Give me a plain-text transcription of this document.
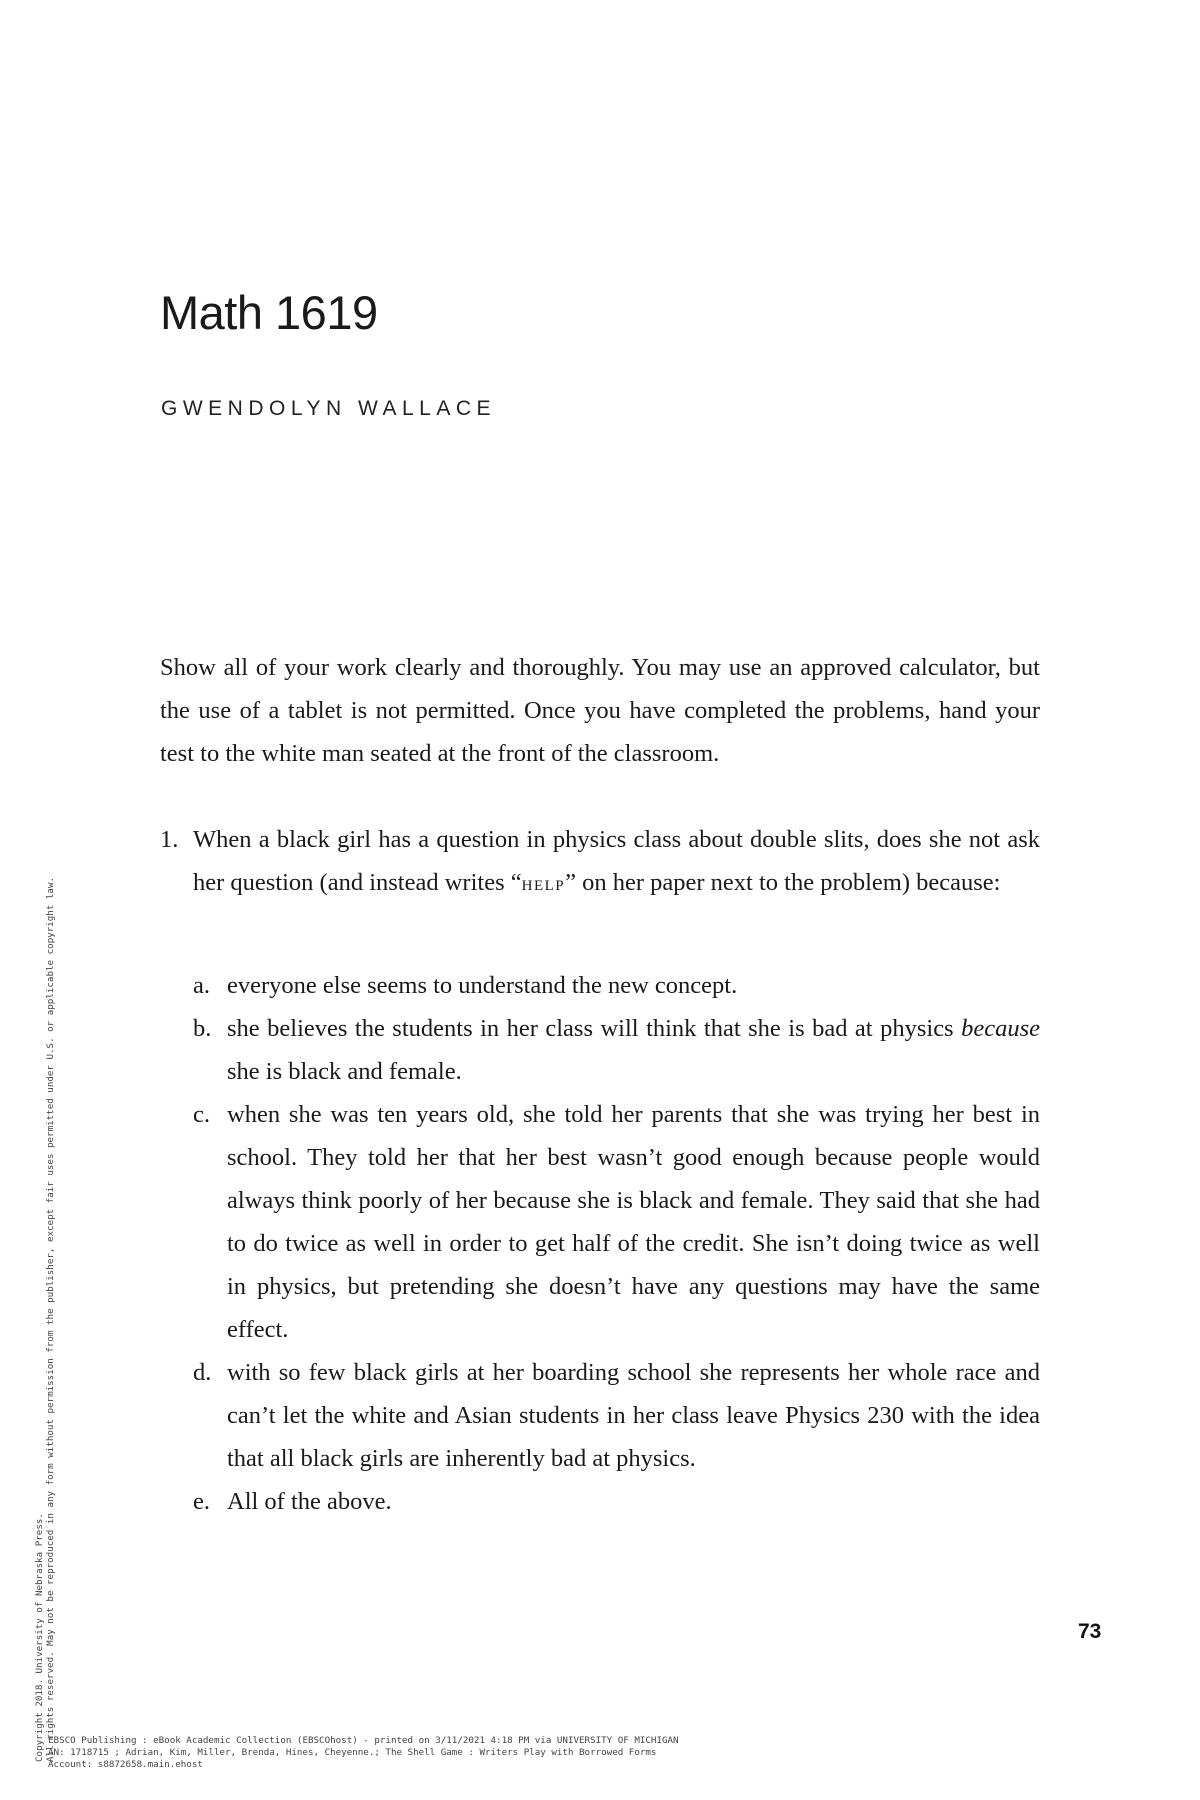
Math 1619

GWENDOLYN WALLACE

Show all of your work clearly and thoroughly. You may use an approved calculator, but the use of a tablet is not permitted. Once you have completed the problems, hand your test to the white man seated at the front of the classroom.

1. When a black girl has a question in physics class about double slits, does she not ask her question (and instead writes “help” on her paper next to the problem) because:

a. everyone else seems to understand the new concept.
b. she believes the students in her class will think that she is bad at physics because she is black and female.
c. when she was ten years old, she told her parents that she was trying her best in school. They told her that her best wasn’t good enough because people would always think poorly of her because she is black and female. They said that she had to do twice as well in order to get half of the credit. She isn’t doing twice as well in physics, but pretending she doesn’t have any questions may have the same effect.
d. with so few black girls at her boarding school she represents her whole race and can’t let the white and Asian students in her class leave Physics 230 with the idea that all black girls are inherently bad at physics.
e. All of the above.
73
Copyright 2018. University of Nebraska Press. All rights reserved. May not be reproduced in any form without permission from the publisher, except fair uses permitted under U.S. or applicable copyright law.
EBSCO Publishing : eBook Academic Collection (EBSCOhost) - printed on 3/11/2021 4:18 PM via UNIVERSITY OF MICHIGAN
AN: 1718715 ; Adrian, Kim, Miller, Brenda, Hines, Cheyenne.; The Shell Game : Writers Play with Borrowed Forms
Account: s8872658.main.ehost
